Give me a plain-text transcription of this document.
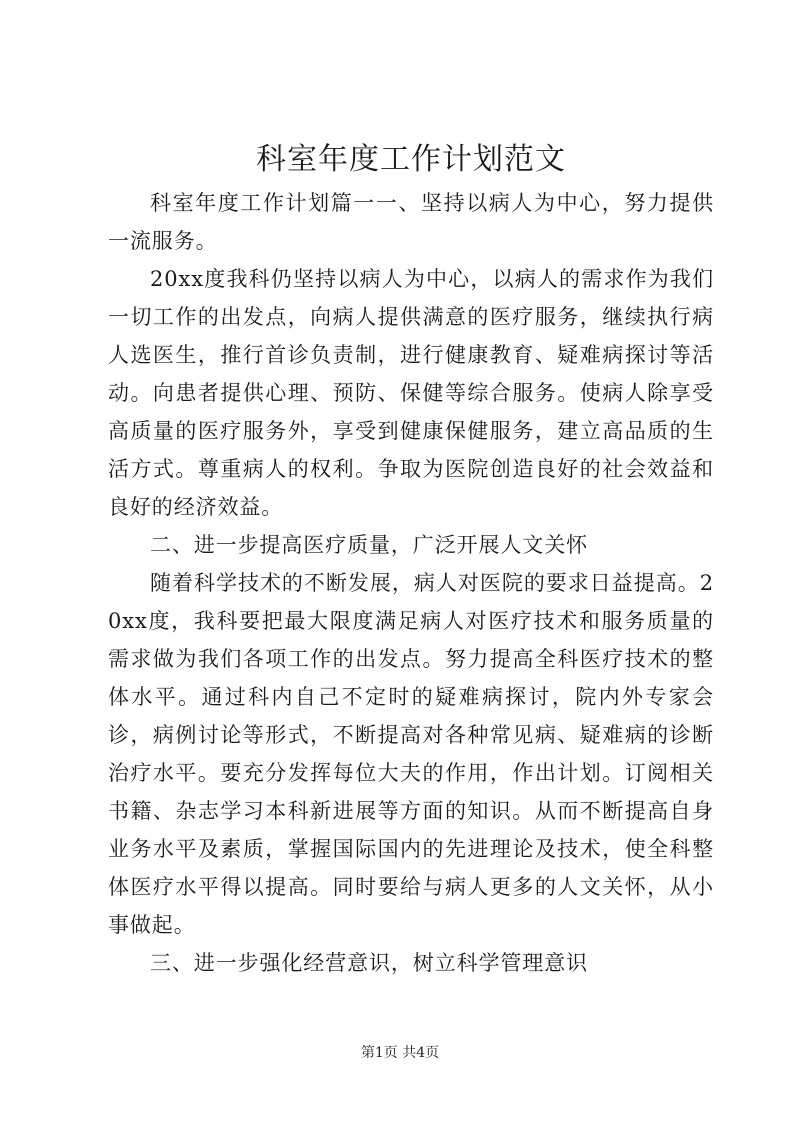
科室年度工作计划范文

科室年度工作计划篇一一、坚持以病人为中心，努力提供一流服务。

20xx度我科仍坚持以病人为中心，以病人的需求作为我们一切工作的出发点，向病人提供满意的医疗服务，继续执行病人选医生，推行首诊负责制，进行健康教育、疑难病探讨等活动。向患者提供心理、预防、保健等综合服务。使病人除享受高质量的医疗服务外，享受到健康保健服务，建立高品质的生活方式。尊重病人的权利。争取为医院创造良好的社会效益和良好的经济效益。

二、进一步提高医疗质量，广泛开展人文关怀

随着科学技术的不断发展，病人对医院的要求日益提高。20xx度，我科要把最大限度满足病人对医疗技术和服务质量的需求做为我们各项工作的出发点。努力提高全科医疗技术的整体水平。通过科内自己不定时的疑难病探讨，院内外专家会诊，病例讨论等形式，不断提高对各种常见病、疑难病的诊断治疗水平。要充分发挥每位大夫的作用，作出计划。订阅相关书籍、杂志学习本科新进展等方面的知识。从而不断提高自身业务水平及素质，掌握国际国内的先进理论及技术，使全科整体医疗水平得以提高。同时要给与病人更多的人文关怀，从小事做起。

三、进一步强化经营意识，树立科学管理意识

第1页 共4页
